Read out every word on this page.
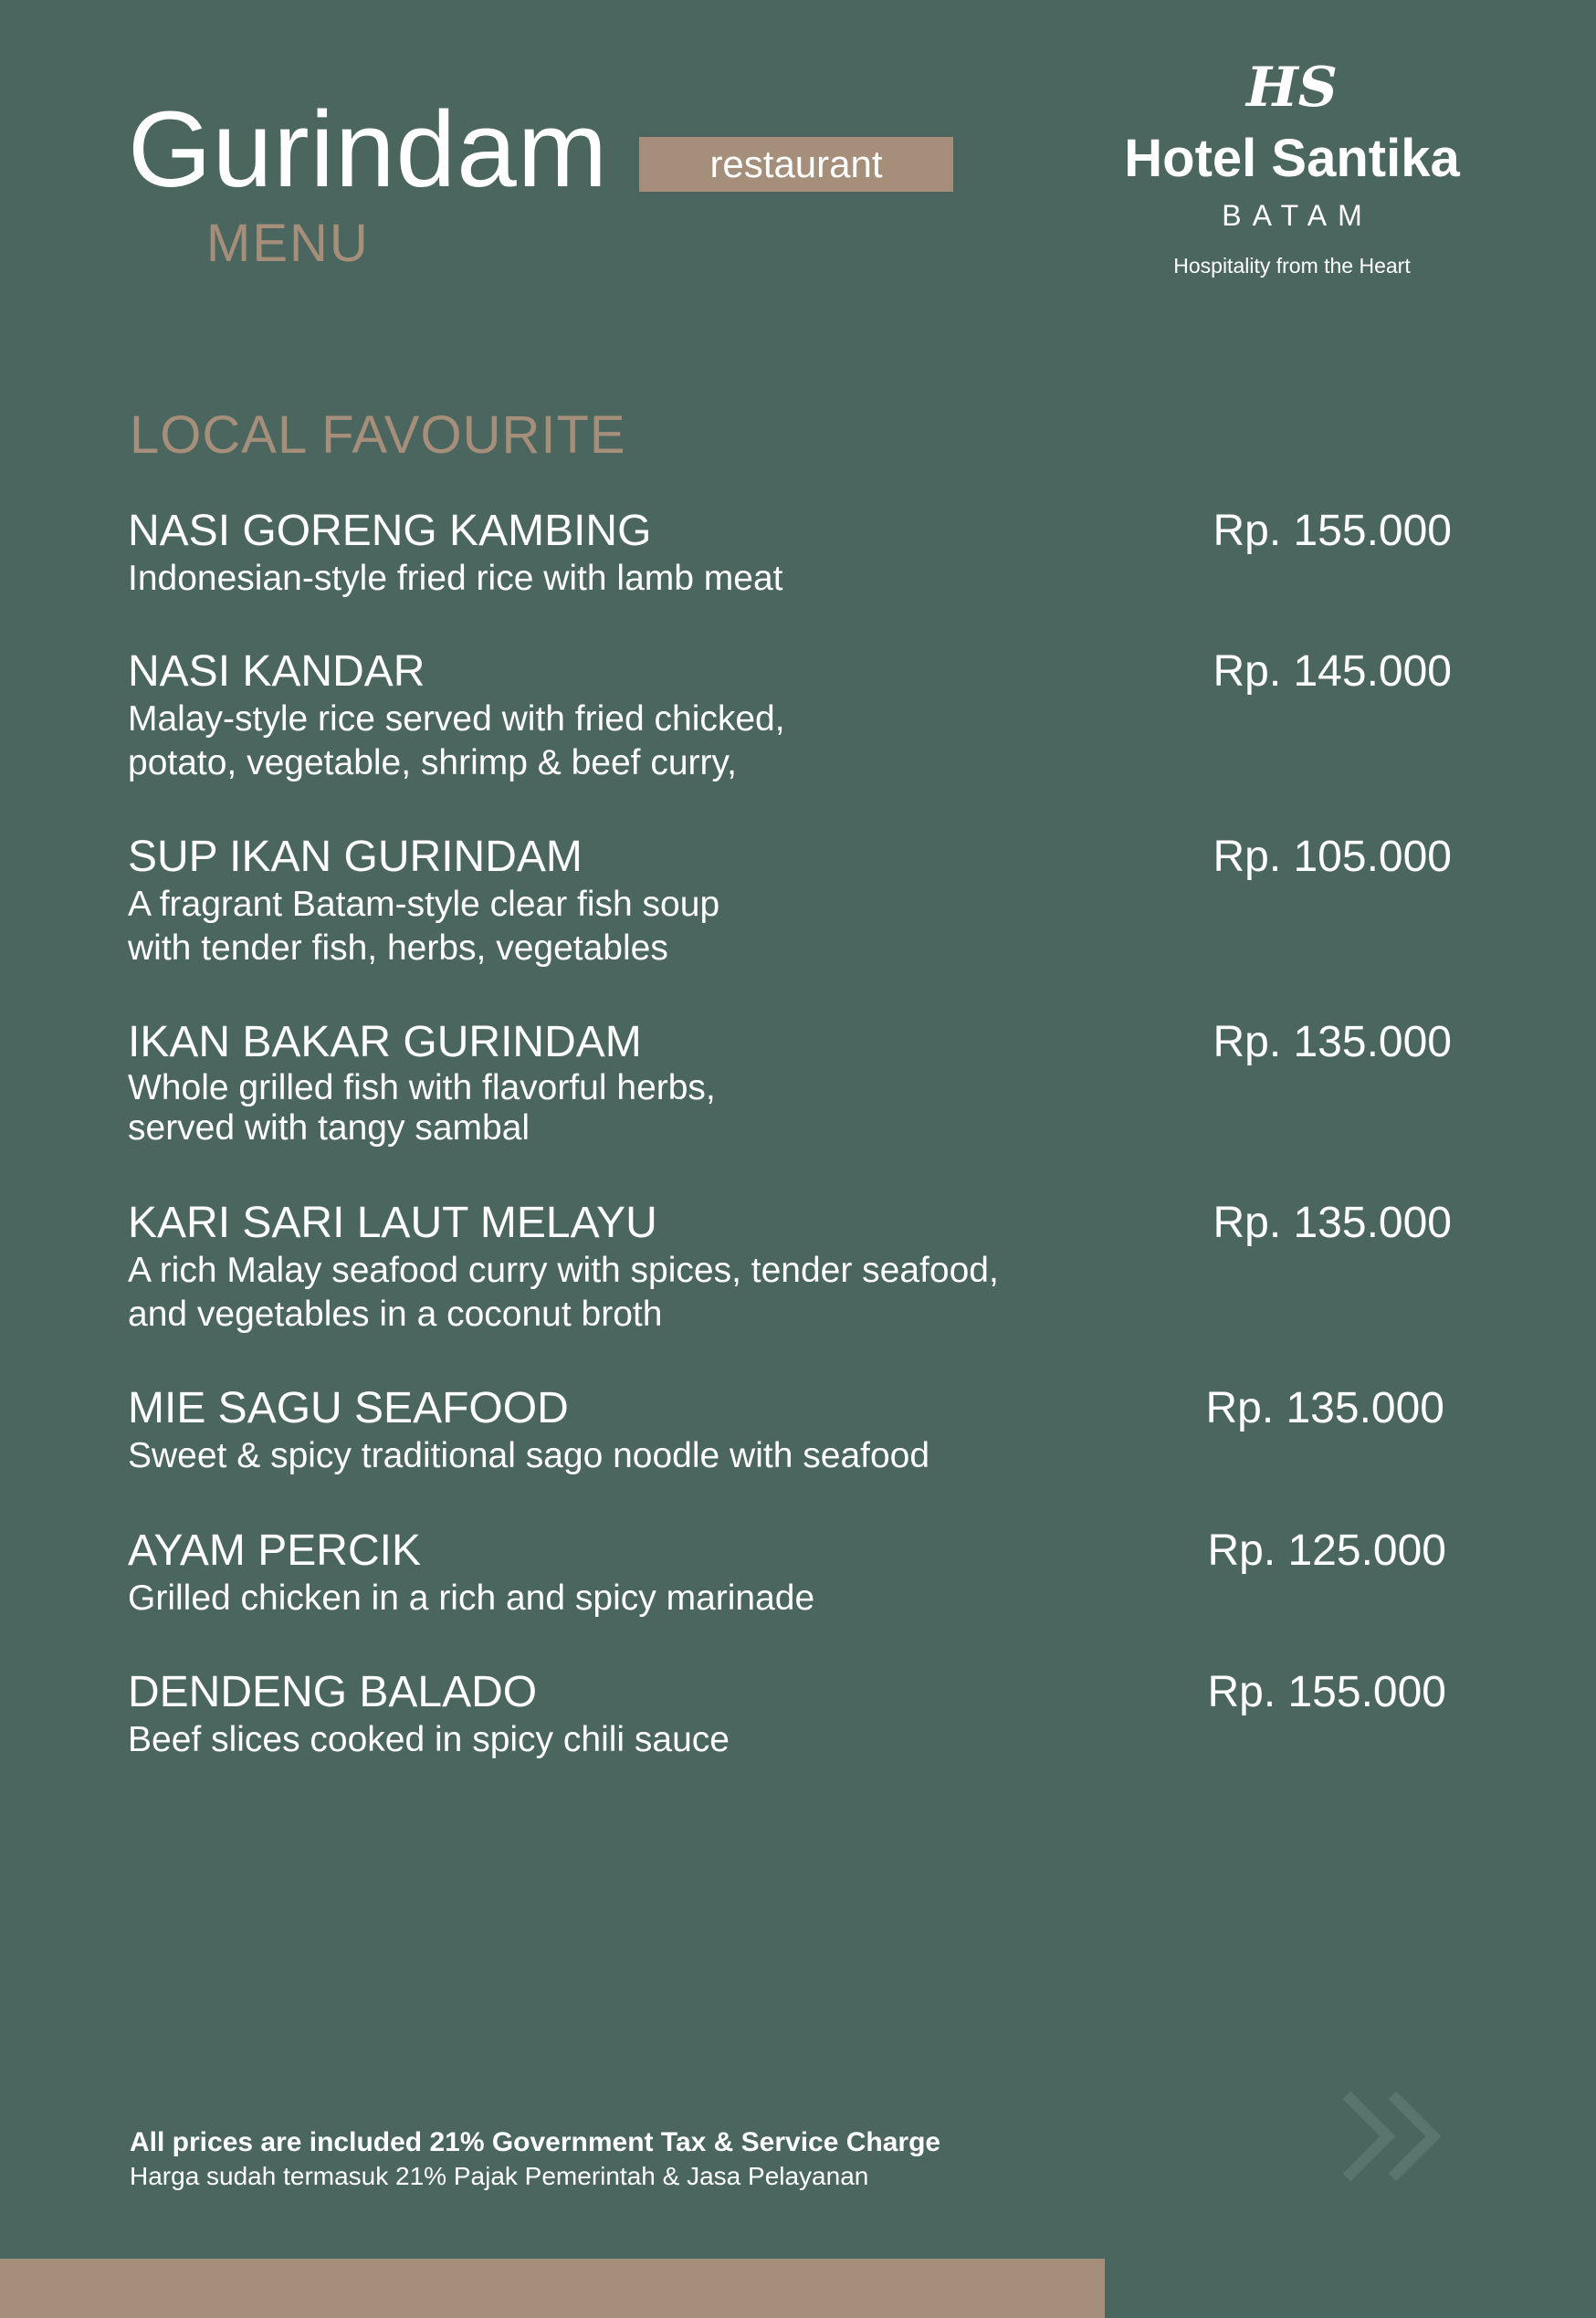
Gurindam	restaurant
MENU
HS
Hotel Santika
BATAM
Hospitality from the Heart
LOCAL FAVOURITE
NASI GORENG KAMBING
Indonesian-style fried rice with lamb meat
Rp. 155.000
NASI KANDAR
Malay-style rice served with fried chicked,
potato, vegetable, shrimp & beef curry,
Rp. 145.000
SUP IKAN GURINDAM
A fragrant Batam-style clear fish soup
with tender fish, herbs, vegetables
Rp. 105.000
IKAN BAKAR GURINDAM
Whole grilled fish with flavorful herbs,
served with tangy sambal
Rp. 135.000
KARI SARI LAUT MELAYU
A rich Malay seafood curry with spices, tender seafood,
and vegetables in a coconut broth
Rp. 135.000
MIE SAGU SEAFOOD
Sweet & spicy traditional sago noodle with seafood
Rp. 135.000
AYAM PERCIK
Grilled chicken in a rich and spicy marinade
Rp. 125.000
DENDENG BALADO
Beef slices cooked in spicy chili sauce
Rp. 155.000
All prices are included 21% Government Tax & Service Charge
Harga sudah termasuk 21% Pajak Pemerintah & Jasa Pelayanan
